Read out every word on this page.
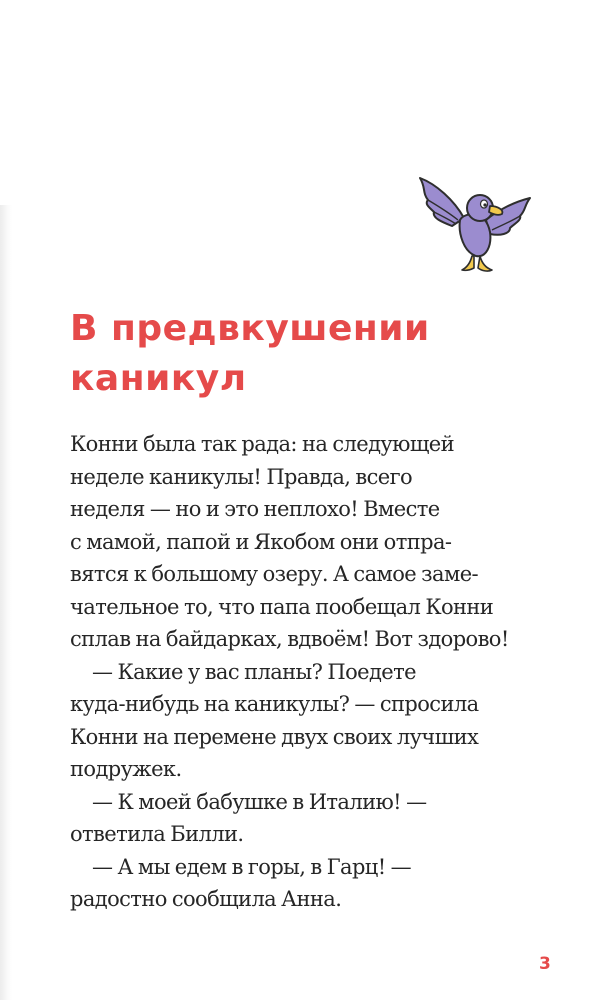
В предвкушении
каникул
Конни была так рада: на следующей
неделе каникулы! Правда, всего
неделя — но и это неплохо! Вместе
с мамой, папой и Якобом они отпра-
вятся к большому озеру. А самое заме-
чательное то, что папа пообещал Конни
сплав на байдарках, вдвоём! Вот здорово!
— Какие у вас планы? Поедете
куда-нибудь на каникулы? — спросила
Конни на перемене двух своих лучших
подружек.
— К моей бабушке в Италию! —
ответила Билли.
— А мы едем в горы, в Гарц! —
радостно сообщила Анна.
3
